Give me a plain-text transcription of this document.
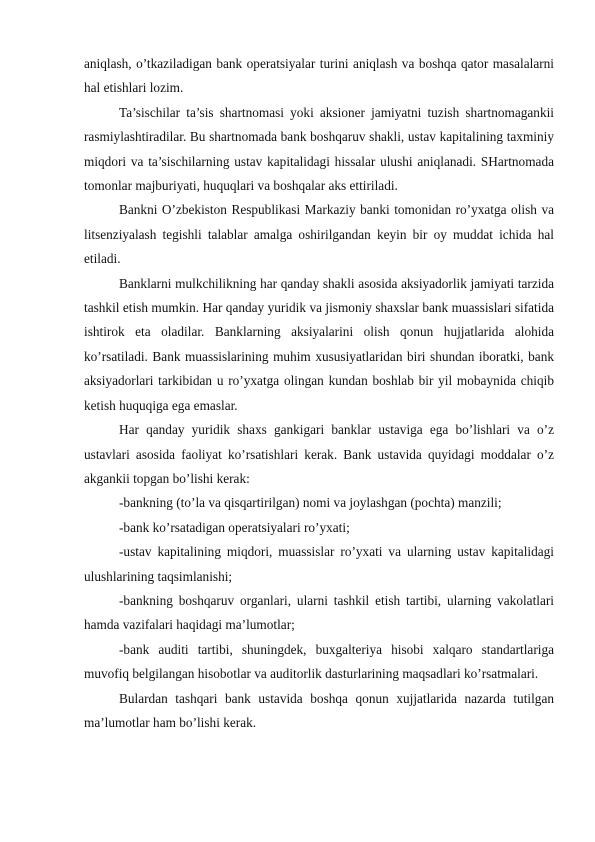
aniqlash, o’tkaziladigan bank operatsiyalar turini aniqlash va boshqa qator masalalarni hal etishlari lozim.

Ta’sischilar ta’sis shartnomasi yoki aksioner jamiyatni tuzish shartnomagankii rasmiylashtiradilar. Bu shartnomada bank boshqaruv shakli, ustav kapitalining taxminiy miqdori va ta’sischilarning ustav kapitalidagi hissalar ulushi aniqlanadi. SHartnomada tomonlar majburiyati, huquqlari va boshqalar aks ettiriladi.

Bankni O’zbekiston Respublikasi Markaziy banki tomonidan ro’yxatga olish va litsenziyalash tegishli talablar amalga oshirilgandan keyin bir oy muddat ichida hal etiladi.

Banklarni mulkchilikning har qanday shakli asosida aksiyadorlik jamiyati tarzida tashkil etish mumkin. Har qanday yuridik va jismoniy shaxslar bank muassislari sifatida ishtirok eta oladilar. Banklarning aksiyalarini olish qonun hujjatlarida alohida ko’rsatiladi. Bank muassislarining muhim xususiyatlaridan biri shundan iboratki, bank aksiyadorlari tarkibidan u ro’yxatga olingan kundan boshlab bir yil mobaynida chiqib ketish huquqiga ega emaslar.

Har qanday yuridik shaxs gankigari banklar ustaviga ega bo’lishlari va o’z ustavlari asosida faoliyat ko’rsatishlari kerak. Bank ustavida quyidagi moddalar o’z akgankii topgan bo’lishi kerak:

-bankning (to’la va qisqartirilgan) nomi va joylashgan (pochta) manzili;

-bank ko’rsatadigan operatsiyalari ro’yxati;

-ustav kapitalining miqdori, muassislar ro’yxati va ularning ustav kapitalidagi ulushlarining taqsimlanishi;

-bankning boshqaruv organlari, ularni tashkil etish tartibi, ularning vakolatlari hamda vazifalari haqidagi ma’lumotlar;

-bank auditi tartibi, shuningdek, buxgalteriya hisobi xalqaro standartlariga muvofiq belgilangan hisobotlar va auditorlik dasturlarining maqsadlari ko’rsatmalari.

Bulardan tashqari bank ustavida boshqa qonun xujjatlarida nazarda tutilgan ma’lumotlar ham bo’lishi kerak.
